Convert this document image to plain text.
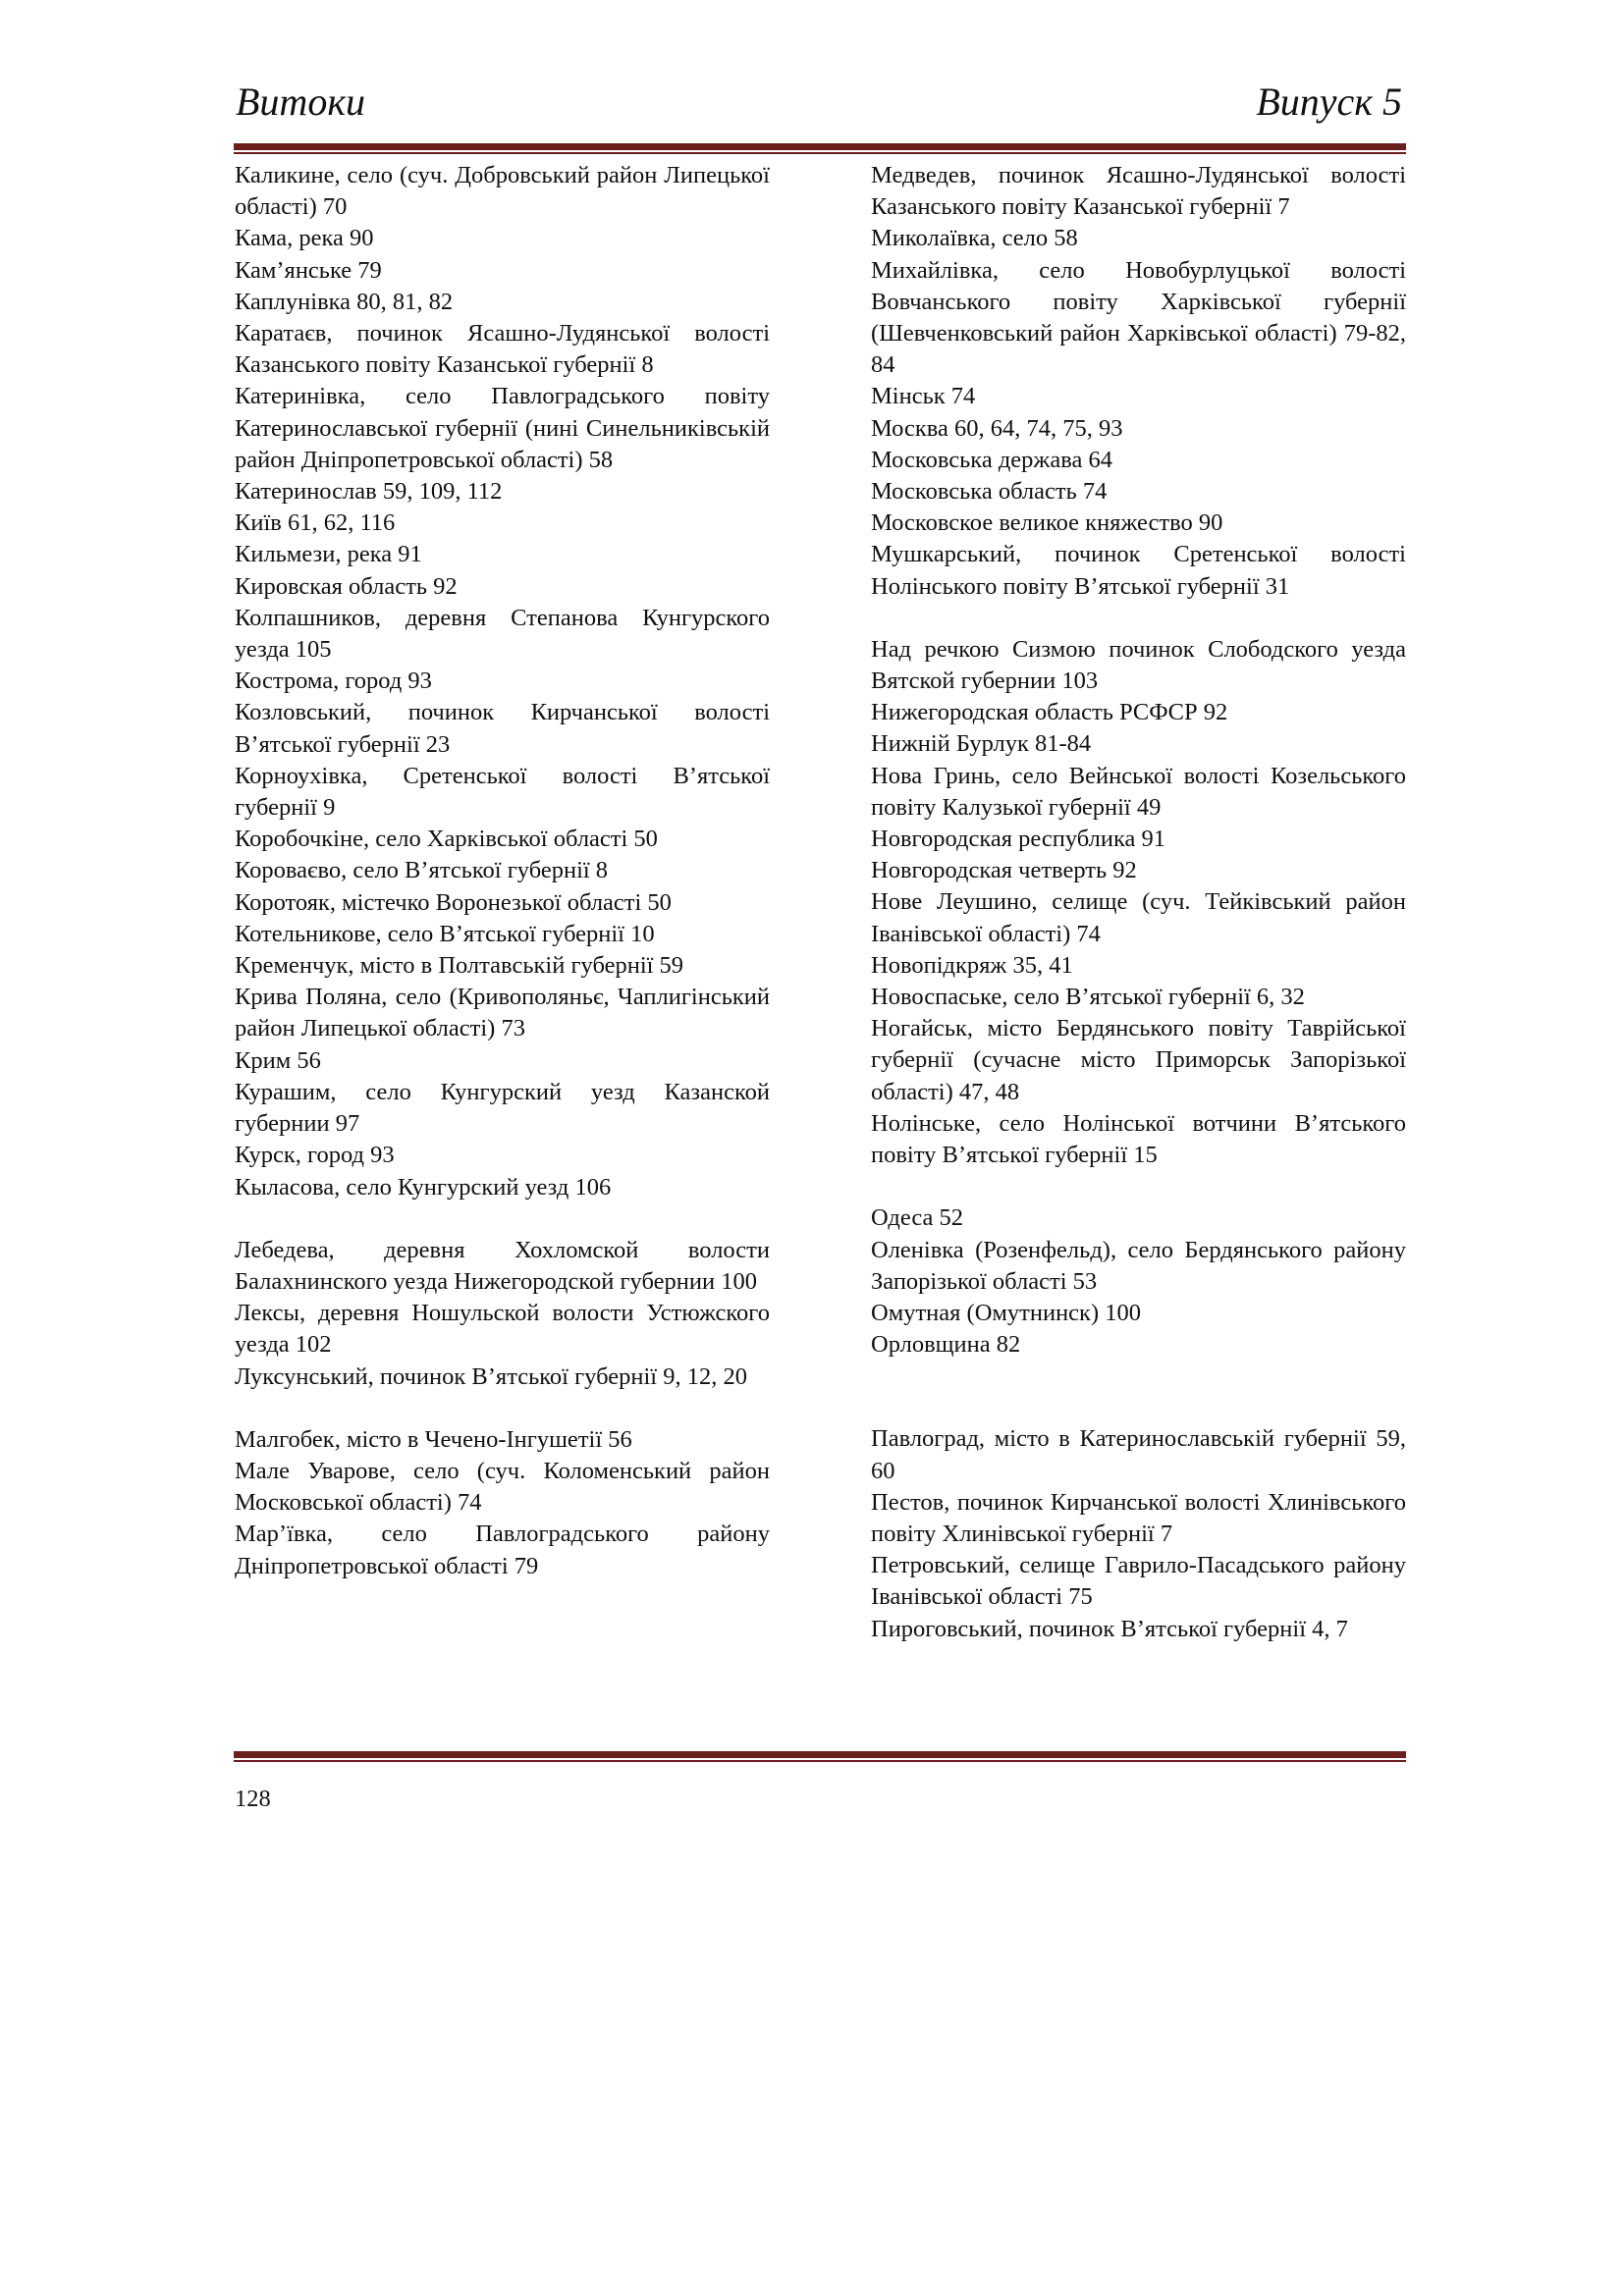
Витоки	Випуск 5

Каликине, село (суч. Добровський район Липецької області) 70

Кама, река 90

Кам’янське 79

Каплунівка 80, 81, 82

Каратаєв, починок Ясашно-Лудянської волості Казанського повіту Казанської губернії 8

Катеринівка, село Павлоградського повіту Катеринославської губернії (нині Синельниківській район Дніпропетровської області) 58

Катеринослав 59, 109, 112

Київ 61, 62, 116

Кильмези, река 91

Кировская область 92

Колпашников, деревня Степанова Кунгурского уезда 105

Кострома, город 93

Козловський, починок Кирчанської волості В’ятської губернії 23

Корноухівка, Сретенської волості В’ятської губернії 9

Коробочкіне, село Харківської області 50

Короваєво, село В’ятської губернії 8

Коротояк, містечко Воронезької області 50

Котельникове, село В’ятської губернії 10

Кременчук, місто в Полтавській губернії 59

Крива Поляна, село (Кривополяньє, Чаплигінський район Липецької області) 73

Крим 56

Курашим, село Кунгурский уезд Казанской губернии 97

Курск, город 93

Кыласова, село Кунгурский уезд 106

Лебедева, деревня Хохломской волости Балахнинского уезда Нижегородской губернии 100

Лексы, деревня Ношульской волости Устюжского уезда 102

Луксунський, починок В’ятської губернії 9, 12, 20

Малгобек, місто в Чечено-Інгушетії 56

Мале Уварове, село (суч. Коломенський район Московської області) 74

Мар’ївка, село Павлоградського району Дніпропетровської області 79

Медведев, починок Ясашно-Лудянської волості Казанського повіту Казанської губернії 7

Миколаївка, село 58

Михайлівка, село Новобурлуцької волості Вовчанського повіту Харківської губернії (Шевченковський район Харківської області) 79-82, 84

Мінськ 74

Москва 60, 64, 74, 75, 93

Московська держава 64

Московська область 74

Московское великое княжество 90

Мушкарський, починок Сретенської волості Нолінського повіту В’ятської губернії 31

Над речкою Сизмою починок Слободского уезда Вятской губернии 103

Нижегородская область РСФСР 92

Нижній Бурлук 81-84

Нова Гринь, село Вейнської волості Козельського повіту Калузької губернії 49

Новгородская республика 91

Новгородская четверть 92

Нове Леушино, селище (суч. Тейківський район Іванівської області) 74

Новопідкряж 35, 41

Новоспаське, село В’ятської губернії 6, 32

Ногайськ, місто Бердянського повіту Таврійської губернії (сучасне місто Приморськ Запорізької області) 47, 48

Нолінське, село Нолінської вотчини В’ятського повіту В’ятської губернії 15

Одеса 52

Оленівка (Розенфельд), село Бердянського району Запорізької області 53

Омутная (Омутнинск) 100

Орловщина 82

Павлоград, місто в Катеринославській губернії 59, 60

Пестов, починок Кирчанської волості Хлинівського повіту Хлинівської губернії 7

Петровський, селище Гаврило-Пасадського району Іванівської області 75

Пироговський, починок В’ятської губернії 4, 7

128
